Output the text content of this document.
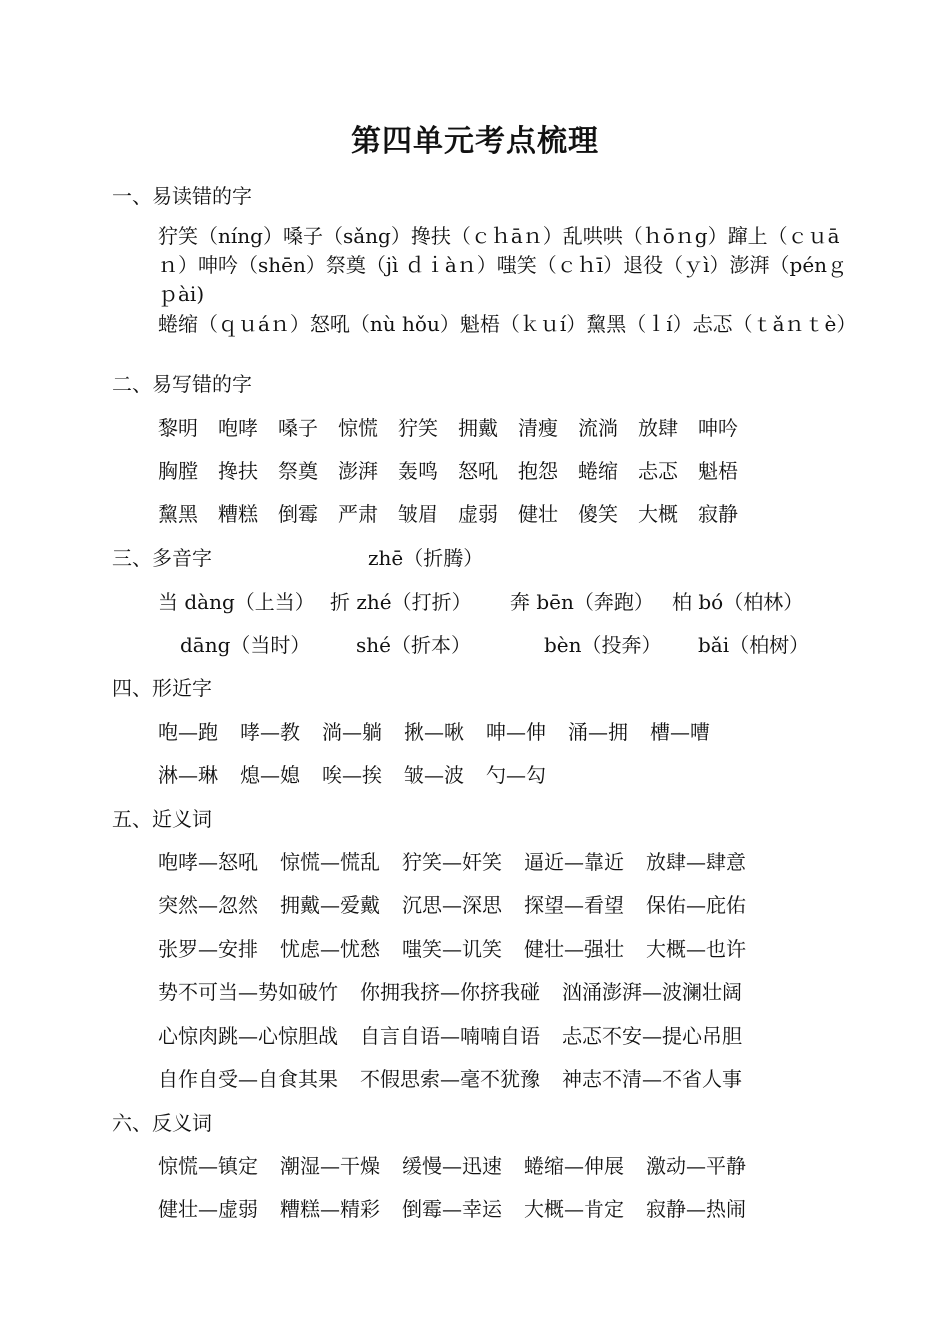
第四单元考点梳理
一、易读错的字
狞笑（níng）嗓子（sǎng）搀扶（ｃｈāｎ）乱哄哄（ｈōｎg）蹿上（ｃｕāｎ）呻吟（shēn）祭奠（jì ｄｉàｎ）嗤笑（ｃｈī）退役（ｙì）澎湃（pénｇ ｐài)
蜷缩（ｑｕáｎ）怒吼（nù hǒu）魁梧（ｋｕí）黧黑（ｌí）忐忑（ｔǎｎｔè）
二、易写错的字
黎明 咆哮 嗓子 惊慌 狞笑 拥戴 清瘦 流淌 放肆 呻吟
胸膛 搀扶 祭奠 澎湃 轰鸣 怒吼 抱怨 蜷缩 忐忑 魁梧
黧黑 糟糕 倒霉 严肃 皱眉 虚弱 健壮 傻笑 大概 寂静
三、多音字	zhē（折腾）
当 dàng（上当） 折 zhé（打折） 奔 bēn（奔跑） 柏 bó（柏林）
dāng（当时） shé（折本）	bèn（投奔） bǎi（柏树）
四、形近字
咆—跑 哮—教 淌—躺 揪—啾 呻—伸 涌—拥 槽—嘈
淋—琳 熄—媳 唉—挨 皱—波 勺—勾
五、近义词
咆哮—怒吼 惊慌—慌乱 狞笑—奸笑 逼近—靠近 放肆—肆意
突然—忽然 拥戴—爱戴 沉思—深思 探望—看望 保佑—庇佑
张罗—安排 忧虑—忧愁 嗤笑—讥笑 健壮—强壮 大概—也许
势不可当—势如破竹 你拥我挤—你挤我碰 汹涌澎湃—波澜壮阔
心惊肉跳—心惊胆战 自言自语—喃喃自语 忐忑不安—提心吊胆
自作自受—自食其果 不假思索—毫不犹豫 神志不清—不省人事
六、反义词
惊慌—镇定 潮湿—干燥 缓慢—迅速 蜷缩—伸展 激动—平静
健壮—虚弱 糟糕—精彩 倒霉—幸运 大概—肯定 寂静—热闹
